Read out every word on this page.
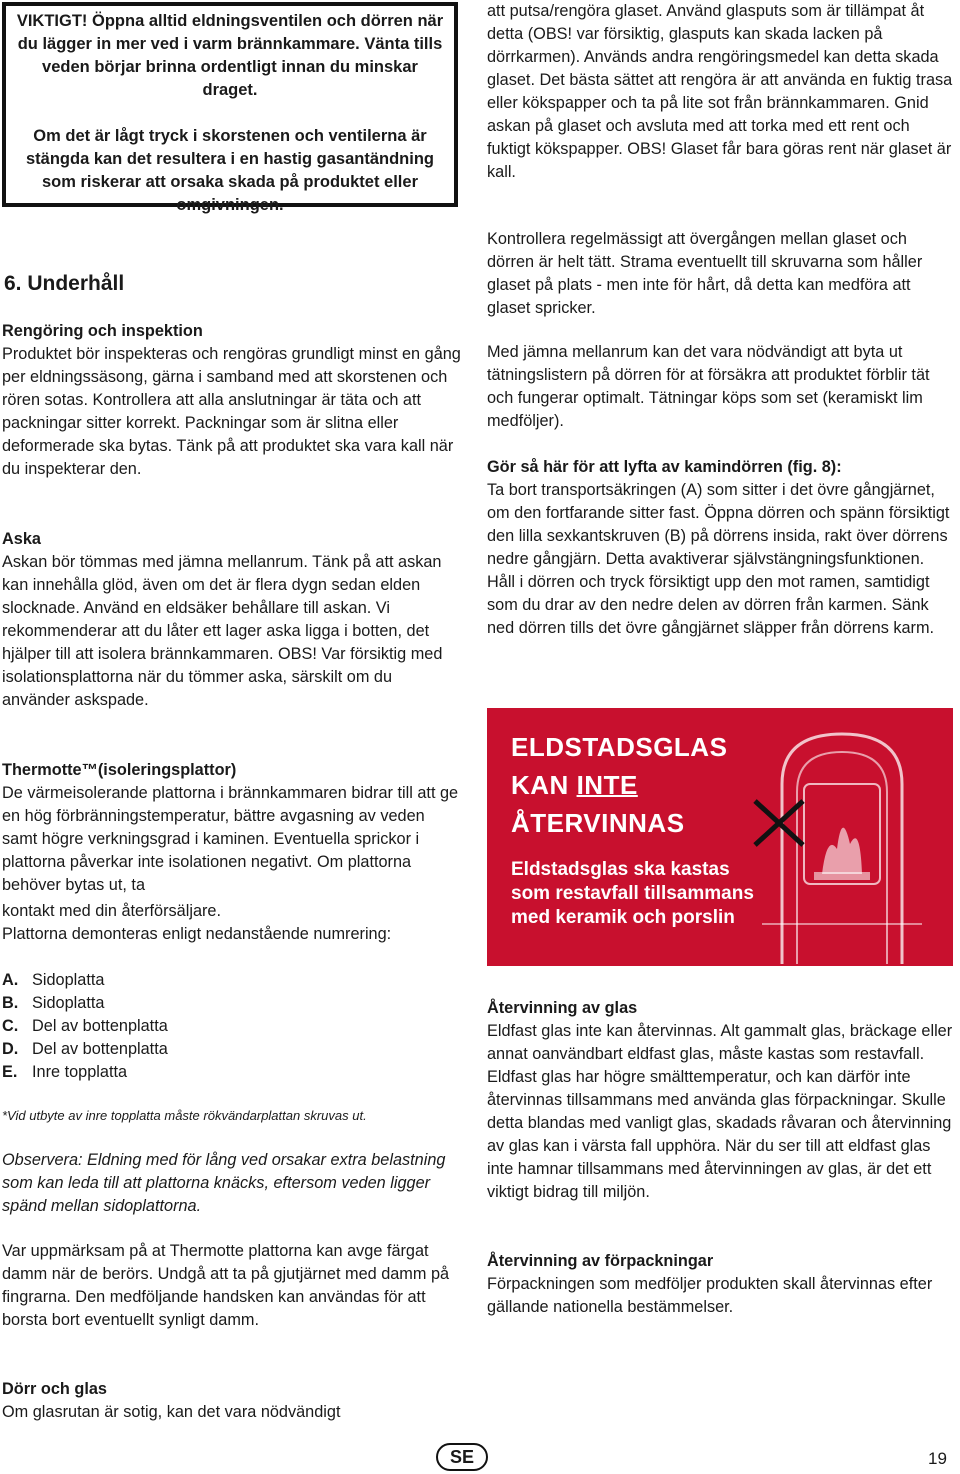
VIKTIGT! Öppna alltid eldningsventilen och dörren när du lägger in mer ved i varm brännkammare. Vänta tills veden börjar brinna ordentligt innan du minskar draget.

Om det är lågt tryck i skorstenen och ventilerna är stängda kan det resultera i en hastig gasantändning som riskerar att orsaka skada på produktet eller omgivningen.

6. Underhåll

Rengöring och inspektion

Produktet bör inspekteras och rengöras grundligt minst en gång per eldningssäsong, gärna i samband med att skorstenen och rören sotas. Kontrollera att alla anslutningar är täta och att packningar sitter korrekt. Packningar som är slitna eller deformerade ska bytas. Tänk på att produktet ska vara kall när du inspekterar den.

Aska

Askan bör tömmas med jämna mellanrum. Tänk på att askan kan innehålla glöd, även om det är flera dygn sedan elden slocknade. Använd en eldsäker behållare till askan. Vi rekommenderar att du låter ett lager aska ligga i botten, det hjälper till att isolera brännkammaren. OBS! Var försiktig med isolationsplattorna när du tömmer aska, särskilt om du använder askspade.

Thermotte™(isoleringsplattor)

De värmeisolerande plattorna i brännkammaren bidrar till att ge en hög förbränningstemperatur, bättre avgasning av veden samt högre verkningsgrad i kaminen. Eventuella sprickor i plattorna påverkar inte isolationen negativt. Om plattorna behöver bytas ut, ta

kontakt med din återförsäljare.

Plattorna demonteras enligt nedanstående numrering:

A. Sidoplatta
B. Sidoplatta
C. Del av bottenplatta
D. Del av bottenplatta
E. Inre topplatta
*Vid utbyte av inre topplatta måste rökvändarplattan skruvas ut.
Observera: Eldning med för lång ved orsakar extra belastning som kan leda till att plattorna knäcks, eftersom veden ligger spänd mellan sidoplattorna.
Var uppmärksam på at Thermotte plattorna kan avge färgat damm när de berörs. Undgå att ta på gjutjärnet med damm på fingrarna. Den medföljande handsken kan användas för att borsta bort eventuellt synligt damm.

Dörr och glas

Om glasrutan är sotig, kan det vara nödvändigt

att putsa/rengöra glaset. Använd glasputs som är tillämpat åt detta (OBS! var försiktig, glasputs kan skada lacken på dörrkarmen). Används andra rengöringsmedel kan detta skada glaset. Det bästa sättet att rengöra är att använda en fuktig trasa eller kökspapper och ta på lite sot från brännkammaren. Gnid askan på glaset och avsluta med att torka med ett rent och fuktigt kökspapper. OBS! Glaset får bara göras rent när glaset är kall.

Kontrollera regelmässigt att övergången mellan glaset och dörren är helt tätt. Strama eventuellt till skruvarna som håller glaset på plats - men inte för hårt, då detta kan medföra att glaset spricker.
Med jämna mellanrum kan det vara nödvändigt att byta ut tätningslistern på dörren för at försäkra att produktet förblir tät och fungerar optimalt. Tätningar köps som set (keramiskt lim medföljer).

Gör så här för att lyfta av kamindörren (fig. 8):

Ta bort transportsäkringen (A) som sitter i det övre gångjärnet, om den fortfarande sitter fast. Öppna dörren och spänn försiktigt den lilla sexkantskruven (B) på dörrens insida, rakt över dörrens nedre gångjärn. Detta avaktiverar självstängningsfunktionen. Håll i dörren och tryck försiktigt upp den mot ramen, samtidigt som du drar av den nedre delen av dörren från karmen. Sänk ned dörren tills det övre gångjärnet släpper från dörrens karm.

ELDSTADSGLAS
KAN INTE
ÅTERVINNAS
Eldstadsglas ska kastas som restavfall tillsammans med keramik och porslin

Återvinning av glas

Eldfast glas inte kan återvinnas. Alt gammalt glas, bräckage eller annat oanvändbart eldfast glas, måste kastas som restavfall. Eldfast glas har högre smälttemperatur, och kan därför inte återvinnas tillsammans med använda glas förpackningar. Skulle detta blandas med vanligt glas, skadads råvaran och återvinning av glas kan i värsta fall upphöra. När du ser till att eldfast glas inte hamnar tillsammans med återvinningen av glas, är det ett viktigt bidrag till miljön.

Återvinning av förpackningar

Förpackningen som medföljer produkten skall återvinnas efter gällande nationella bestämmelser.

SE	19
